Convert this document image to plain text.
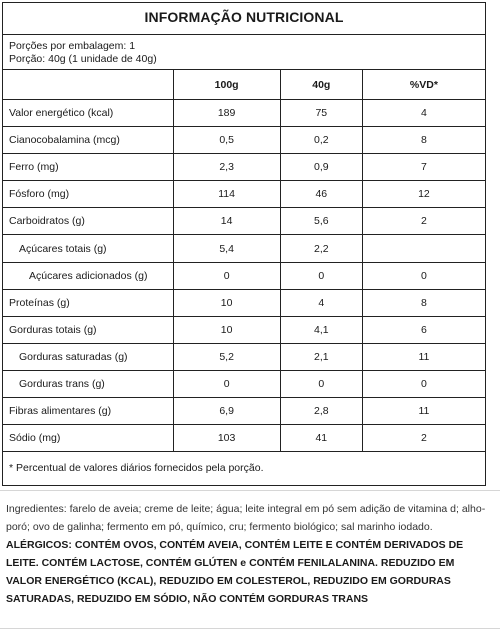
INFORMAÇÃO NUTRICIONAL
Porções por embalagem: 1
Porção: 40g (1 unidade de 40g)
	100g	40g	%VD*
Valor energético (kcal)	189	75	4
Cianocobalamina (mcg)	0,5	0,2	8
Ferro (mg)	2,3	0,9	7
Fósforo (mg)	114	46	12
Carboidratos (g)	14	5,6	2
Açúcares totais (g)	5,4	2,2	
Açúcares adicionados (g)	0	0	0
Proteínas (g)	10	4	8
Gorduras totais (g)	10	4,1	6
Gorduras saturadas (g)	5,2	2,1	11
Gorduras trans (g)	0	0	0
Fibras alimentares (g)	6,9	2,8	11
Sódio (mg)	103	41	2
* Percentual de valores diários fornecidos pela porção.
Ingredientes: farelo de aveia; creme de leite; água; leite integral em pó sem adição de vitamina d; alho-poró; ovo de galinha; fermento em pó, químico, cru; fermento biológico; sal marinho iodado. ALÉRGICOS: CONTÉM OVOS, CONTÉM AVEIA, CONTÉM LEITE E CONTÉM DERIVADOS DE LEITE. CONTÉM LACTOSE, CONTÉM GLÚTEN e CONTÉM FENILALANINA. REDUZIDO EM VALOR ENERGÉTICO (KCAL), REDUZIDO EM COLESTEROL, REDUZIDO EM GORDURAS SATURADAS, REDUZIDO EM SÓDIO, NÃO CONTÉM GORDURAS TRANS
